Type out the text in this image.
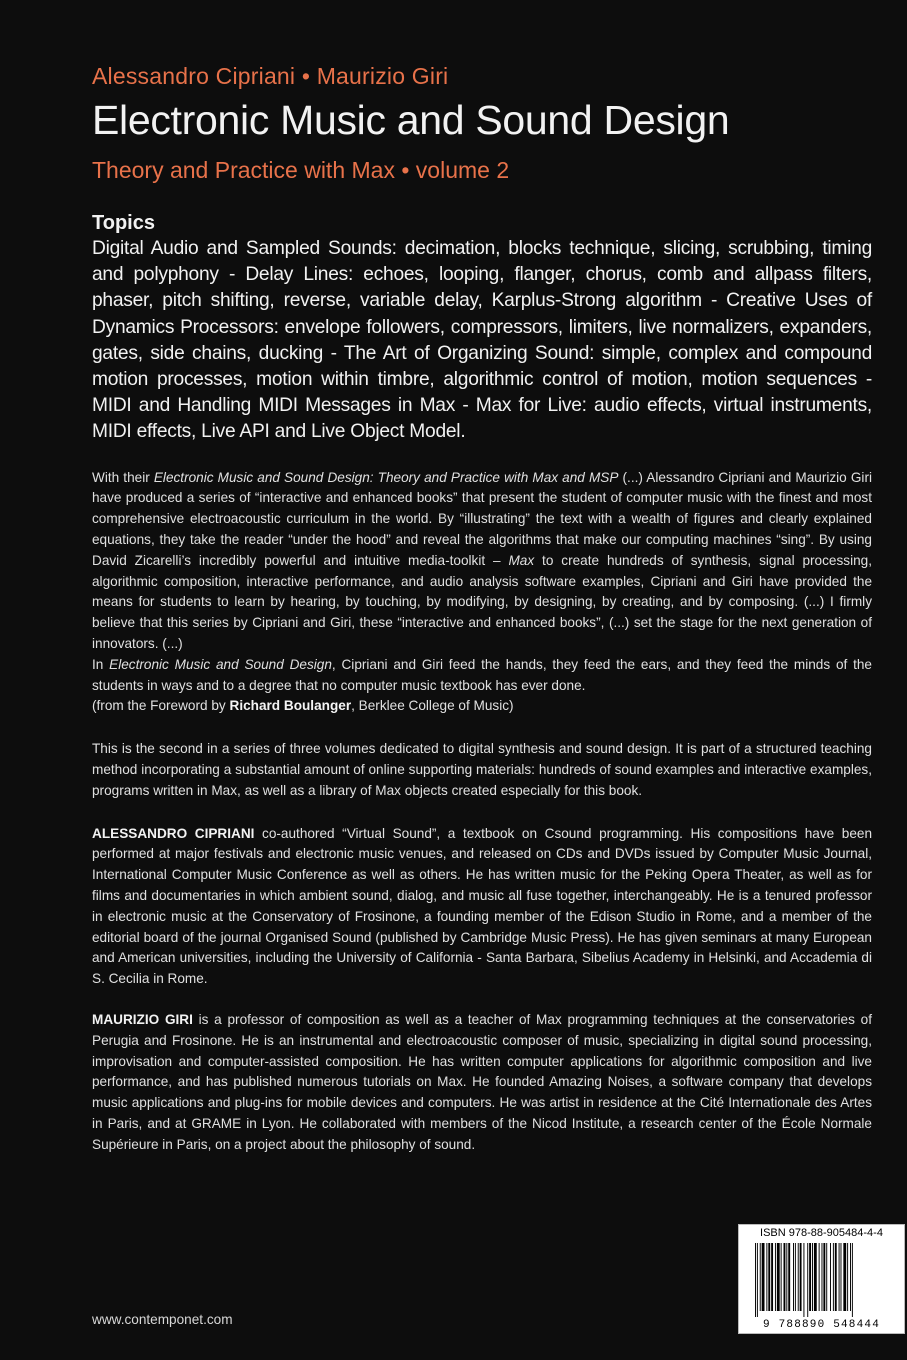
Alessandro Cipriani • Maurizio Giri
Electronic Music and Sound Design
Theory and Practice with Max • volume 2
Topics
Digital Audio and Sampled Sounds: decimation, blocks technique, slicing, scrubbing, timing and polyphony - Delay Lines: echoes, looping, flanger, chorus, comb and allpass filters, phaser, pitch shifting, reverse, variable delay, Karplus-Strong algorithm - Creative Uses of Dynamics Processors: envelope followers, compressors, limiters, live normalizers, expanders, gates, side chains, ducking - The Art of Organizing Sound: simple, complex and compound motion processes, motion within timbre, algorithmic control of motion, motion sequences - MIDI and Handling MIDI Messages in Max - Max for Live: audio effects, virtual instruments, MIDI effects, Live API and Live Object Model.

With their Electronic Music and Sound Design: Theory and Practice with Max and MSP (...) Alessandro Cipriani and Maurizio Giri have produced a series of “interactive and enhanced books” that present the student of computer music with the finest and most comprehensive electroacoustic curriculum in the world. By “illustrating” the text with a wealth of figures and clearly explained equations, they take the reader “under the hood” and reveal the algorithms that make our computing machines “sing”. By using David Zicarelli’s incredibly powerful and intuitive media-toolkit – Max to create hundreds of synthesis, signal processing, algorithmic composition, interactive performance, and audio analysis software examples, Cipriani and Giri have provided the means for students to learn by hearing, by touching, by modifying, by designing, by creating, and by composing. (...) I firmly believe that this series by Cipriani and Giri, these “interactive and enhanced books”, (...) set the stage for the next generation of innovators. (...)

In Electronic Music and Sound Design, Cipriani and Giri feed the hands, they feed the ears, and they feed the minds of the students in ways and to a degree that no computer music textbook has ever done.

(from the Foreword by Richard Boulanger, Berklee College of Music)

This is the second in a series of three volumes dedicated to digital synthesis and sound design. It is part of a structured teaching method incorporating a substantial amount of online supporting materials: hundreds of sound examples and interactive examples, programs written in Max, as well as a library of Max objects created especially for this book.

ALESSANDRO CIPRIANI co-authored “Virtual Sound”, a textbook on Csound programming. His compositions have been performed at major festivals and electronic music venues, and released on CDs and DVDs issued by Computer Music Journal, International Computer Music Conference as well as others. He has written music for the Peking Opera Theater, as well as for films and documentaries in which ambient sound, dialog, and music all fuse together, interchangeably. He is a tenured professor in electronic music at the Conservatory of Frosinone, a founding member of the Edison Studio in Rome, and a member of the editorial board of the journal Organised Sound (published by Cambridge Music Press). He has given seminars at many European and American universities, including the University of California - Santa Barbara, Sibelius Academy in Helsinki, and Accademia di S. Cecilia in Rome.

MAURIZIO GIRI is a professor of composition as well as a teacher of Max programming techniques at the conservatories of Perugia and Frosinone. He is an instrumental and electroacoustic composer of music, specializing in digital sound processing, improvisation and computer-assisted composition. He has written computer applications for algorithmic composition and live performance, and has published numerous tutorials on Max. He founded Amazing Noises, a software company that develops music applications and plug-ins for mobile devices and computers. He was artist in residence at the Cité Internationale des Artes in Paris, and at GRAME in Lyon. He collaborated with members of the Nicod Institute, a research center of the École Normale Supérieure in Paris, on a project about the philosophy of sound.

www.contemponet.com
ISBN 978-88-905484-4-4
9 788890 548444
